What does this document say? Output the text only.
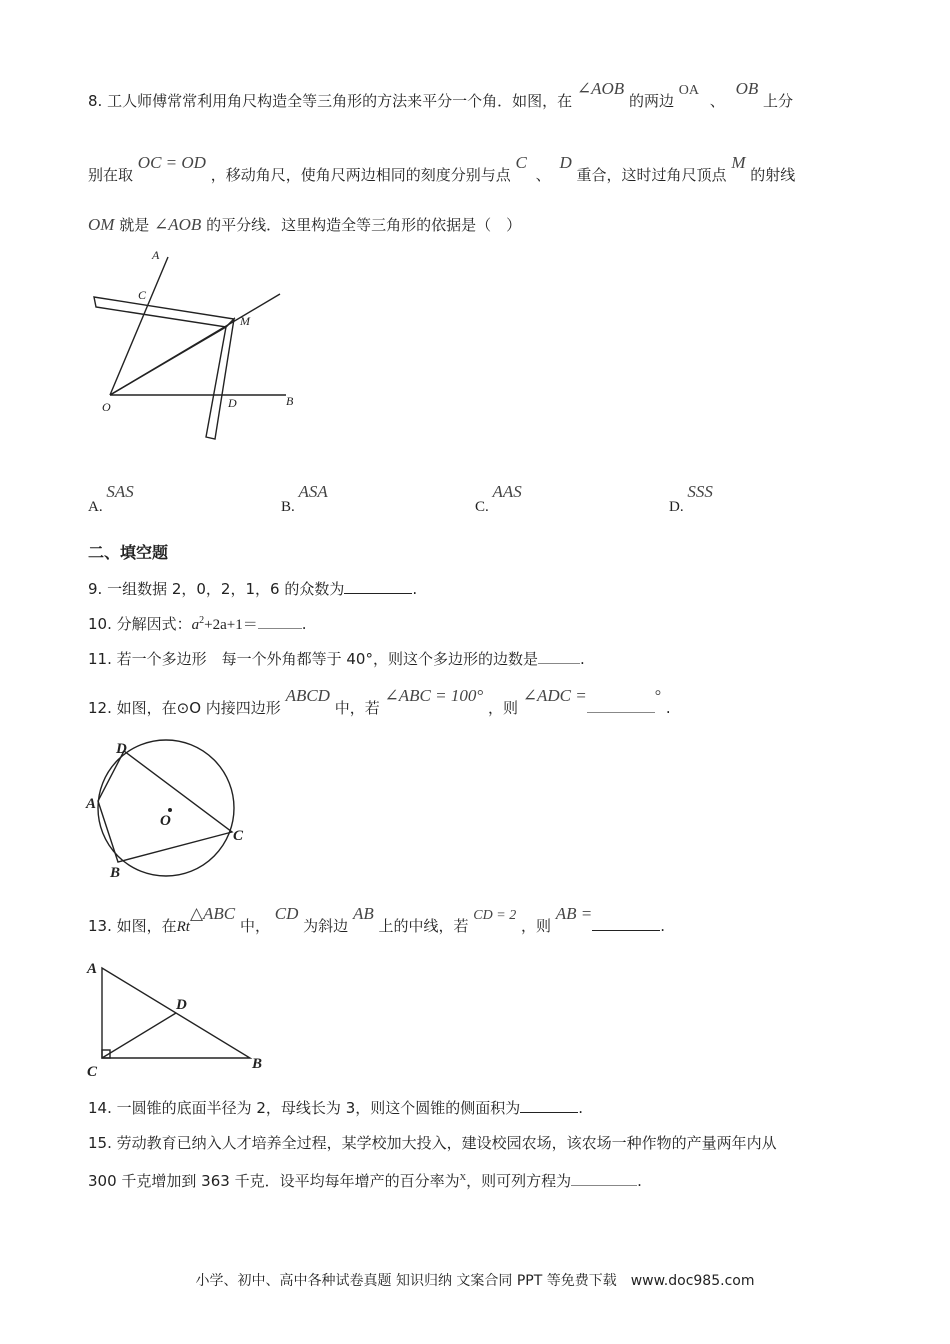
8. 工人师傅常常利用角尺构造全等三角形的方法来平分一个角．如图，在 ∠AOB 的两边 OA 、 OB 上分
别在取 OC = OD ，移动角尺，使角尺两边相同的刻度分别与点 C 、 D 重合，这时过角尺顶点 M 的射线
OM 就是 ∠AOB 的平分线．这里构造全等三角形的依据是（　）
A
C
M
O	D	B
A. SAS
B. ASA
C. AAS
D. SSS
二、填空题
9. 一组数据 2，0，2，1，6 的众数为	.
10. 分解因式：$a^2+2a+1=$	.
11. 若一个多边形　每一个外角都等于 40°，则这个多边形的边数是	.
12. 如图，在⊙O 内接四边形 ABCD 中，若 ∠ABC = 100° ，则 ∠ADC =	° .
D
A
O
C
B
13. 如图，在Rt△ABC 中， CD 为斜边 AB 上的中线，若 CD = 2 ，则 AB =.
A
D
C	B
14. 一圆锥的底面半径为 2，母线长为 3，则这个圆锥的侧面积为	.
15. 劳动教育已纳入人才培养全过程，某学校加大投入，建设校园农场，该农场一种作物的产量两年内从
300 千克增加到 363 千克．设平均每年增产的百分率为x，则可列方程为	.
小学、初中、高中各种试卷真题 知识归纳 文案合同 PPT 等免费下载　www.doc985.com
